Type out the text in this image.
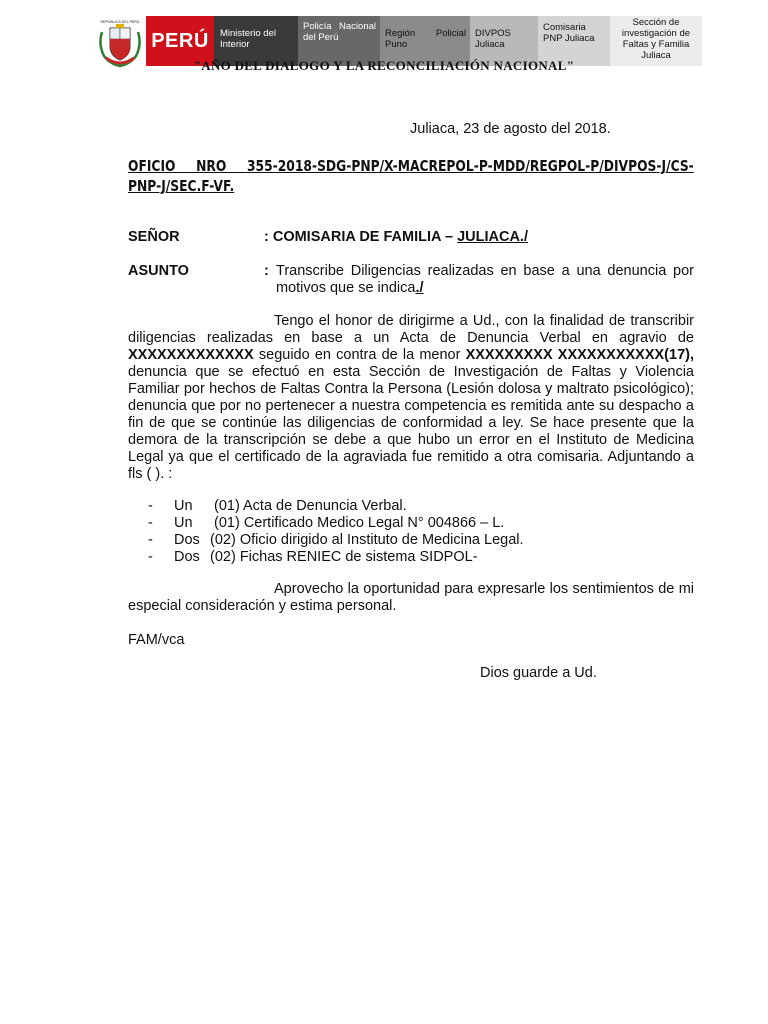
REPÚBLICA DEL PERÚ
PERÚ	Ministerio del Interior
Policía Nacional del Perú	Región Policial Puno
DIVPOS Juliaca
Comisaria PNP Juliaca
Sección de investigación de Faltas y Familia Juliaca
"AÑO DEL DIALOGO Y LA RECONCILIACIÓN NACIONAL"
Juliaca, 23 de agosto del 2018.
OFICIO NRO 355-2018-SDG-PNP/X-MACREPOL-P-MDD/REGPOL-P/DIVPOS-J/CS-PNP-J/SEC.F-VF.
SEÑOR	: COMISARIA DE FAMILIA – JULIACA./
ASUNTO	: Transcribe Diligencias realizadas en base a una denuncia por motivos que se indica./
Tengo el honor de dirigirme a Ud., con la finalidad de transcribir diligencias realizadas en base a un Acta de Denuncia Verbal en agravio de XXXXXXXXXXXXX seguido en contra de la menor XXXXXXXXX XXXXXXXXXXX(17), denuncia que se efectuó en esta Sección de Investigación de Faltas y Violencia Familiar por hechos de Faltas Contra la Persona (Lesión dolosa y maltrato psicológico); denuncia que por no pertenecer a nuestra competencia es remitida ante su despacho a fin de que se continúe las diligencias de conformidad a ley. Se hace presente que la demora de la transcripción se debe a que hubo un error en el Instituto de Medicina Legal ya que el certificado de la agraviada fue remitido a otra comisaria. Adjuntando a fls ( ). :
- Un (01) Acta de Denuncia Verbal.
- Un (01) Certificado Medico Legal N° 004866 – L.
- Dos (02) Oficio dirigido al Instituto de Medicina Legal.
- Dos (02) Fichas RENIEC de sistema SIDPOL-
Aprovecho la oportunidad para expresarle los sentimientos de mi especial consideración y estima personal.
FAM/vca
Dios guarde a Ud.
